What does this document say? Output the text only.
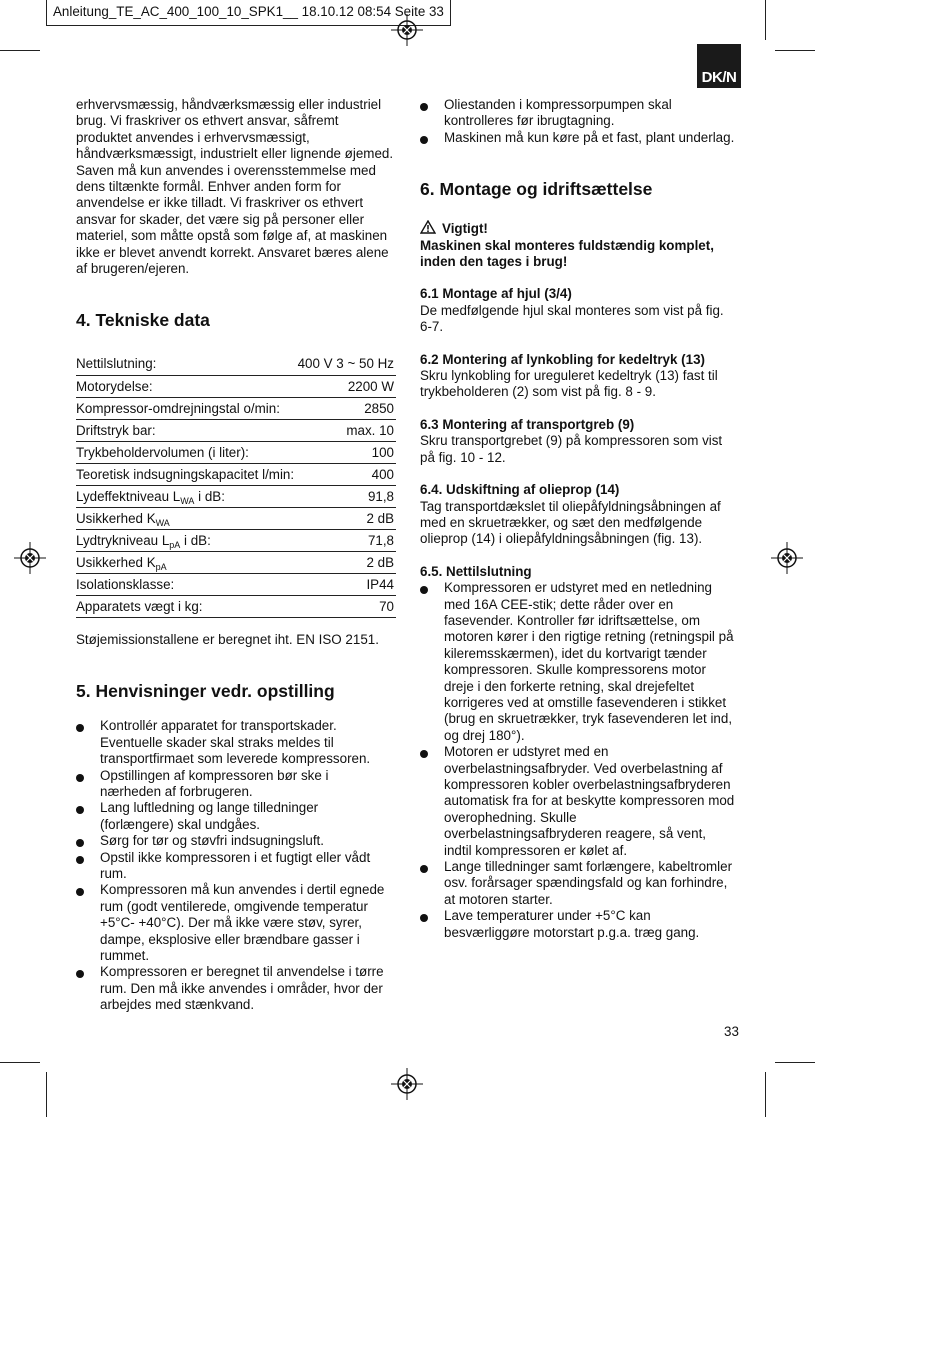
Anleitung_TE_AC_400_100_10_SPK1__ 18.10.12 08:54 Seite 33
DK/N

erhvervsmæssig, håndværksmæssig eller industriel
brug. Vi fraskriver os ethvert ansvar, såfremt
produktet anvendes i erhvervsmæssigt,
håndværksmæssigt, industrielt eller lignende øjemed.
Saven må kun anvendes i overensstemmelse med
dens tiltænkte formål. Enhver anden form for
anvendelse er ikke tilladt. Vi fraskriver os ethvert
ansvar for skader, det være sig på personer eller
materiel, som måtte opstå som følge af, at maskinen
ikke er blevet anvendt korrekt. Ansvaret bæres alene
af brugeren/ejeren.

4. Tekniske data
Nettilslutning:	400 V 3 ~ 50 Hz
Motorydelse:	2200 W
Kompressor-omdrejningstal o/min:	2850
Driftstryk bar:	max. 10
Trykbeholdervolumen (i liter):	100
Teoretisk indsugningskapacitet l/min:	400
Lydeffektniveau $L_{WA}$ i dB:	91,8
Usikkerhed $K_{WA}$	2 dB
Lydtrykniveau $L_{pA}$ i dB:	71,8
Usikkerhed $K_{pA}$	2 dB
Isolationsklasse:	IP44
Apparatets vægt i kg:	70

Støjemissionstallene er beregnet iht. EN ISO 2151.

5. Henvisninger vedr. opstilling
Kontrollér apparatet for transportskader.
Eventuelle skader skal straks meldes til
transportfirmaet som leverede kompressoren.
Opstillingen af kompressoren bør ske i
nærheden af forbrugeren.
Lang luftledning og lange tilledninger
(forlængere) skal undgåes.
Sørg for tør og støvfri indsugningsluft.
Opstil ikke kompressoren i et fugtigt eller vådt
rum.
Kompressoren må kun anvendes i dertil egnede
rum (godt ventilerede, omgivende temperatur
+5°C- +40°C). Der må ikke være støv, syrer,
dampe, eksplosive eller brændbare gasser i
rummet.
Kompressoren er beregnet til anvendelse i tørre
rum. Den må ikke anvendes i områder, hvor der
arbejdes med stænkvand.
Oliestanden i kompressorpumpen skal
kontrolleres før ibrugtagning.
Maskinen må kun køre på et fast, plant underlag.
6. Montage og idriftsættelse
Vigtigt!
Maskinen skal monteres fuldstændig komplet,
inden den tages i brug!
6.1 Montage af hjul (3/4)
De medfølgende hjul skal monteres som vist på fig.
6-7.
6.2 Montering af lynkobling for kedeltryk (13)
Skru lynkobling for ureguleret kedeltryk (13) fast til
trykbeholderen (2) som vist på fig. 8 - 9.
6.3 Montering af transportgreb (9)
Skru transportgrebet (9) på kompressoren som vist
på fig. 10 - 12.
6.4. Udskiftning af olieprop (14)
Tag transportdækslet til oliepåfyldningsåbningen af
med en skruetrækker, og sæt den medfølgende
olieprop (14) i oliepåfyldningsåbningen (fig. 13).
6.5. Nettilslutning
Kompressoren er udstyret med en netledning
med 16A CEE-stik; dette råder over en
fasevender. Kontroller før idriftsættelse, om
motoren kører i den rigtige retning (retningspil på
kileremsskærmen), idet du kortvarigt tænder
kompressoren. Skulle kompressorens motor
dreje i den forkerte retning, skal drejefeltet
korrigeres ved at omstille fasevenderen i stikket
(brug en skruetrækker, tryk fasevenderen let ind,
og drej 180°).
Motoren er udstyret med en
overbelastningsafbryder. Ved overbelastning af
kompressoren kobler overbelastningsafbryderen
automatisk fra for at beskytte kompressoren mod
overophedning. Skulle
overbelastningsafbryderen reagere, så vent,
indtil kompressoren er kølet af.
Lange tilledninger samt forlængere, kabeltromler
osv. forårsager spændingsfald og kan forhindre,
at motoren starter.
Lave temperaturer under +5°C kan
besværliggøre motorstart p.g.a. træg gang.
33
